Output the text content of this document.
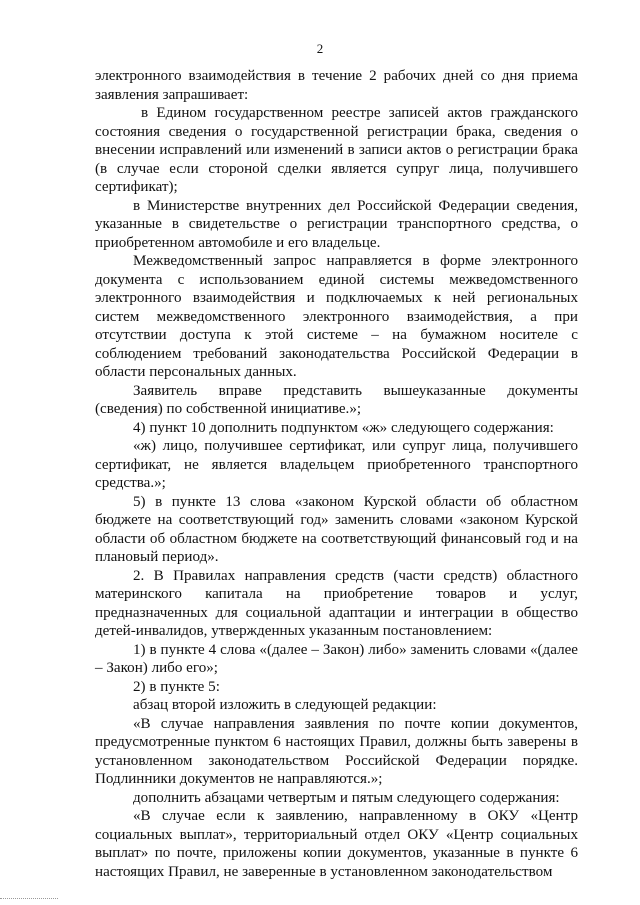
2

электронного взаимодействия в течение 2 рабочих дней со дня приема заявления запрашивает:

в Едином государственном реестре записей актов гражданского состояния сведения о государственной регистрации брака, сведения о внесении исправлений или изменений в записи актов о регистрации брака (в случае если стороной сделки является супруг лица, получившего сертификат);

в Министерстве внутренних дел Российской Федерации сведения, указанные в свидетельстве о регистрации транспортного средства, о приобретенном автомобиле и его владельце.

Межведомственный запрос направляется в форме электронного документа с использованием единой системы межведомственного электронного взаимодействия и подключаемых к ней региональных систем межведомственного электронного взаимодействия, а при отсутствии доступа к этой системе – на бумажном носителе с соблюдением требований законодательства Российской Федерации в области персональных данных.

Заявитель вправе представить вышеуказанные документы (сведения) по собственной инициативе.»;

4) пункт 10 дополнить подпунктом «ж» следующего содержания:

«ж) лицо, получившее сертификат, или супруг лица, получившего сертификат, не является владельцем приобретенного транспортного средства.»;

5) в пункте 13 слова «законом Курской области об областном бюджете на соответствующий год» заменить словами «законом Курской области об областном бюджете на соответствующий финансовый год и на плановый период».

2. В Правилах направления средств (части средств) областного материнского капитала на приобретение товаров и услуг, предназначенных для социальной адаптации и интеграции в общество детей-инвалидов, утвержденных указанным постановлением:

1) в пункте 4 слова «(далее – Закон) либо» заменить словами «(далее – Закон) либо его»;

2) в пункте 5:

абзац второй изложить в следующей редакции:

«В случае направления заявления по почте копии документов, предусмотренные пунктом 6 настоящих Правил, должны быть заверены в установленном законодательством Российской Федерации порядке. Подлинники документов не направляются.»;

дополнить абзацами четвертым и пятым следующего содержания:

«В случае если к заявлению, направленному в ОКУ «Центр социальных выплат», территориальный отдел ОКУ «Центр социальных выплат» по почте, приложены копии документов, указанные в пункте 6 настоящих Правил, не заверенные в установленном законодательством
